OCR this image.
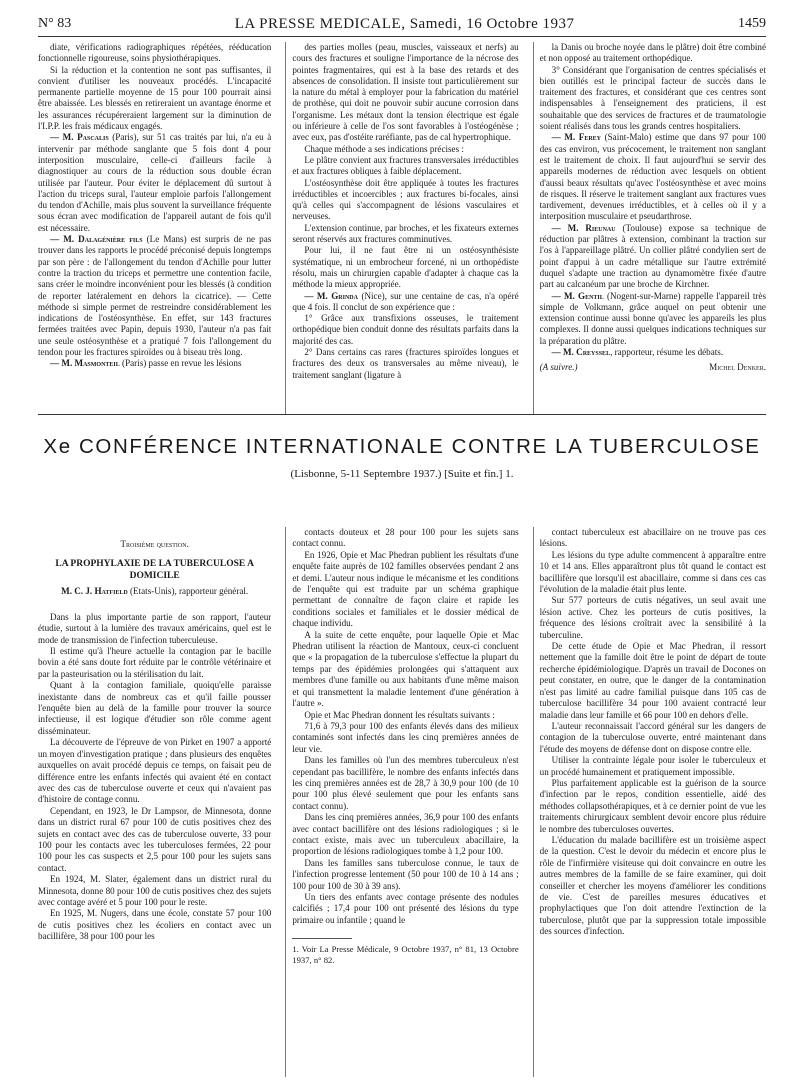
N° 83	LA PRESSE MEDICALE, Samedi, 16 Octobre 1937	1459

diate, vérifications radiographiques répétées, rééducation fonctionnelle rigoureuse, soins physiothérapiques.

Si la réduction et la contention ne sont pas suffisantes, il convient d'utiliser les nouveaux procédés. L'incapacité permanente partielle moyenne de 15 pour 100 pourrait ainsi être abaissée. Les blessés en retireraient un avantage énorme et les assurances récupéreraient largement sur la diminution de l'I.P.P. les frais médicaux engagés.

— M. Pascalis (Paris), sur 51 cas traités par lui, n'a eu à intervenir par méthode sanglante que 5 fois dont 4 pour interposition musculaire, celle-ci d'ailleurs facile à diagnostiquer au cours de la réduction sous double écran utilisée par l'auteur. Pour éviter le déplacement dû surtout à l'action du triceps sural, l'auteur emploie parfois l'allongement du tendon d'Achille, mais plus souvent la surveillance fréquente sous écran avec modification de l'appareil autant de fois qu'il est nécessaire.

— M. Dalagénière fils (Le Mans) est surpris de ne pas trouver dans les rapports le procédé préconisé depuis longtemps par son père : de l'allongement du tendon d'Achille pour lutter contre la traction du triceps et permettre une contention facile, sans créer le moindre inconvénient pour les blessés (à condition de reporter latéralement en dehors la cicatrice). — Cette méthode si simple permet de restreindre considérablement les indications de l'ostéosynthèse. En effet, sur 143 fractures fermées traitées avec Papin, depuis 1930, l'auteur n'a pas fait une seule ostéosynthèse et a pratiqué 7 fois l'allongement du tendon pour les fractures spiroïdes ou à biseau très long.

— M. Masmonteil (Paris) passe en revue les lésions

des parties molles (peau, muscles, vaisseaux et nerfs) au cours des fractures et souligne l'importance de la nécrose des pointes fragmentaires, qui est à la base des retards et des absences de consolidation. Il insiste tout particulièrement sur la nature du métal à employer pour la fabrication du matériel de prothèse, qui doit ne pouvoir subir aucune corrosion dans l'organisme. Les métaux dont la tension électrique est égale ou inférieure à celle de l'os sont favorables à l'ostéogénèse ; avec eux, pas d'ostéite raréfiante, pas de cal hypertrophique.

Chaque méthode a ses indications précises :

Le plâtre convient aux fractures transversales irréductibles et aux fractures obliques à faible déplacement.

L'ostéosynthèse doit être appliquée à toutes les fractures irréductibles et incoercibles ; aux fractures bi-focales, ainsi qu'à celles qui s'accompagnent de lésions vasculaires et nerveuses.

L'extension continue, par broches, et les fixateurs externes seront réservés aux fractures comminutives.

Pour lui, il ne faut être ni un ostéosynthésiste systématique, ni un embrocheur forcené, ni un orthopédiste résolu, mais un chirurgien capable d'adapter à chaque cas la méthode la mieux appropriée.

— M. Grinda (Nice), sur une centaine de cas, n'a opéré que 4 fois. Il conclut de son expérience que :

1° Grâce aux transfixions osseuses, le traitement orthopédique bien conduit donne des résultats parfaits dans la majorité des cas.

2° Dans certains cas rares (fractures spiroïdes longues et fractures des deux os transversales au même niveau), le traitement sanglant (ligature à

la Danis ou broche noyée dans le plâtre) doit être combiné et non opposé au traitement orthopédique.

3° Considérant que l'organisation de centres spécialisés et bien outillés est le principal facteur de succès dans le traitement des fractures, et considérant que ces centres sont indispensables à l'enseignement des praticiens, il est souhaitable que des services de fractures et de traumatologie soient réalisés dans tous les grands centres hospitaliers.

— M. Ferey (Saint-Malo) estime que dans 97 pour 100 des cas environ, vus précocement, le traitement non sanglant est le traitement de choix. Il faut aujourd'hui se servir des appareils modernes de réduction avec lesquels on obtient d'aussi beaux résultats qu'avec l'ostéosynthèse et avec moins de risques. Il réserve le traitement sanglant aux fractures vues tardivement, devenues irréductibles, et à celles où il y a interposition musculaire et pseudarthrose.

— M. Rieunau (Toulouse) expose sa technique de réduction par plâtres à extension, combinant la traction sur l'os à l'appareillage plâtré. Un collier plâtré condylien sert de point d'appui à un cadre métallique sur l'autre extrémité duquel s'adapte une traction au dynamomètre fixée d'autre part au calcanéum par une broche de Kirchner.

— M. Gentil (Nogent-sur-Marne) rappelle l'appareil très simple de Volkmann, grâce auquel on peut obtenir une extension continue aussi bonne qu'avec les appareils les plus complexes. Il donne aussi quelques indications techniques sur la préparation du plâtre.

— M. Creyssel, rapporteur, résume les débats.

(A suivre.)	Michel Denker.
Xe CONFÉRENCE INTERNATIONALE CONTRE LA TUBERCULOSE
(Lisbonne, 5-11 Septembre 1937.) [Suite et fin.] 1.
Troisième question.
LA PROPHYLAXIE DE LA TUBERCULOSE A DOMICILE
M. C. J. Hatfield (Etats-Unis), rapporteur général.

Dans la plus importante partie de son rapport, l'auteur étudie, surtout à la lumière des travaux américains, quel est le mode de transmission de l'infection tuberculeuse.

Il estime qu'à l'heure actuelle la contagion par le bacille bovin a été sans doute fort réduite par le contrôle vétérinaire et par la pasteurisation ou la stérilisation du lait.

Quant à la contagion familiale, quoiqu'elle paraisse inexistante dans de nombreux cas et qu'il faille pousser l'enquête bien au delà de la famille pour trouver la source infectieuse, il est logique d'étudier son rôle comme agent disséminateur.

La découverte de l'épreuve de von Pirket en 1907 a apporté un moyen d'investigation pratique ; dans plusieurs des enquêtes auxquelles on avait procédé depuis ce temps, on faisait peu de différence entre les enfants infectés qui avaient été en contact avec des cas de tuberculose ouverte et ceux qui n'avaient pas d'histoire de contage connu.

Cependant, en 1923, le Dr Lampsor, de Minnesota, donne dans un district rural 67 pour 100 de cutis positives chez des sujets en contact avec des cas de tuberculose ouverte, 33 pour 100 pour les contacts avec les tuberculoses fermées, 22 pour 100 pour les cas suspects et 2,5 pour 100 pour les sujets sans contact.

En 1924, M. Slater, également dans un district rural du Minnesota, donne 80 pour 100 de cutis positives chez des sujets avec contage avéré et 5 pour 100 pour le reste.

En 1925, M. Nugers, dans une école, constate 57 pour 100 de cutis positives chez les écoliers en contact avec un bacillifère, 38 pour 100 pour les

contacts douteux et 28 pour 100 pour les sujets sans contact connu.

En 1926, Opie et Mac Phedran publient les résultats d'une enquête faite auprès de 102 familles observées pendant 2 ans et demi. L'auteur nous indique le mécanisme et les conditions de l'enquête qui est traduite par un schéma graphique permettant de connaître de façon claire et rapide les conditions sociales et familiales et le dossier médical de chaque individu.

A la suite de cette enquête, pour laquelle Opie et Mac Phedran utilisent la réaction de Mantoux, ceux-ci concluent que « la propagation de la tuberculose s'effectue la plupart du temps par des épidémies prolongées qui s'attaquent aux membres d'une famille ou aux habitants d'une même maison et qui transmettent la maladie lentement d'une génération à l'autre ».

Opie et Mac Phedran donnent les résultats suivants :

71,6 à 79,3 pour 100 des enfants élevés dans des milieux contaminés sont infectés dans les cinq premières années de leur vie.

Dans les familles où l'un des membres tuberculeux n'est cependant pas bacillifère, le nombre des enfants infectés dans les cinq premières années est de 28,7 à 30,9 pour 100 (de 10 pour 100 plus élevé seulement que pour les enfants sans contact connu).

Dans les cinq premières années, 36,9 pour 100 des enfants avec contact bacillifère ont des lésions radiologiques ; si le contact existe, mais avec un tuberculeux abacillaire, la proportion de lésions radiologiques tombe à 1,2 pour 100.

Dans les familles sans tuberculose connue, le taux de l'infection progresse lentement (50 pour 100 de 10 à 14 ans ; 100 pour 100 de 30 à 39 ans).

Un tiers des enfants avec contage présente des nodules calcifiés ; 17,4 pour 100 ont présenté des lésions du type primaire ou infantile ; quand le

1. Voir La Presse Médicale, 9 Octobre 1937, n° 81, 13 Octobre 1937, n° 82.

contact tuberculeux est abacillaire on ne trouve pas ces lésions.

Les lésions du type adulte commencent à apparaître entre 10 et 14 ans. Elles apparaîtront plus tôt quand le contact est bacillifère que lorsqu'il est abacillaire, comme si dans ces cas l'évolution de la maladie était plus lente.

Sur 577 porteurs de cutis négatives, un seul avait une lésion active. Chez les porteurs de cutis positives, la fréquence des lésions croîtrait avec la sensibilité à la tuberculine.

De cette étude de Opie et Mac Phedran, il ressort nettement que la famille doit être le point de départ de toute recherche épidémiologique. D'après un travail de Docones on peut constater, en outre, que le danger de la contamination n'est pas limité au cadre familial puisque dans 105 cas de tuberculose bacillifère 34 pour 100 avaient contracté leur maladie dans leur famille et 66 pour 100 en dehors d'elle.

L'auteur reconnaissait l'accord général sur les dangers de contagion de la tuberculose ouverte, entré maintenant dans l'étude des moyens de défense dont on dispose contre elle.

Utiliser la contrainte légale pour isoler le tuberculeux et un procédé humainement et pratiquement impossible.

Plus parfaitement applicable est la guérison de la source d'infection par le repos, condition essentielle, aidé des méthodes collapsothérapiques, et à ce dernier point de vue les traitements chirurgicaux semblent devoir encore plus réduire le nombre des tuberculoses ouvertes.

L'éducation du malade bacillifère est un troisième aspect de la question. C'est le devoir du médecin et encore plus le rôle de l'infirmière visiteuse qui doit convaincre en outre les autres membres de la famille de se faire examiner, qui doit conseiller et chercher les moyens d'améliorer les conditions de vie. C'est de pareilles mesures éducatives et prophylactiques que l'on doit attendre l'extinction de la tuberculose, plutôt que par la suppression totale impossible des sources d'infection.
